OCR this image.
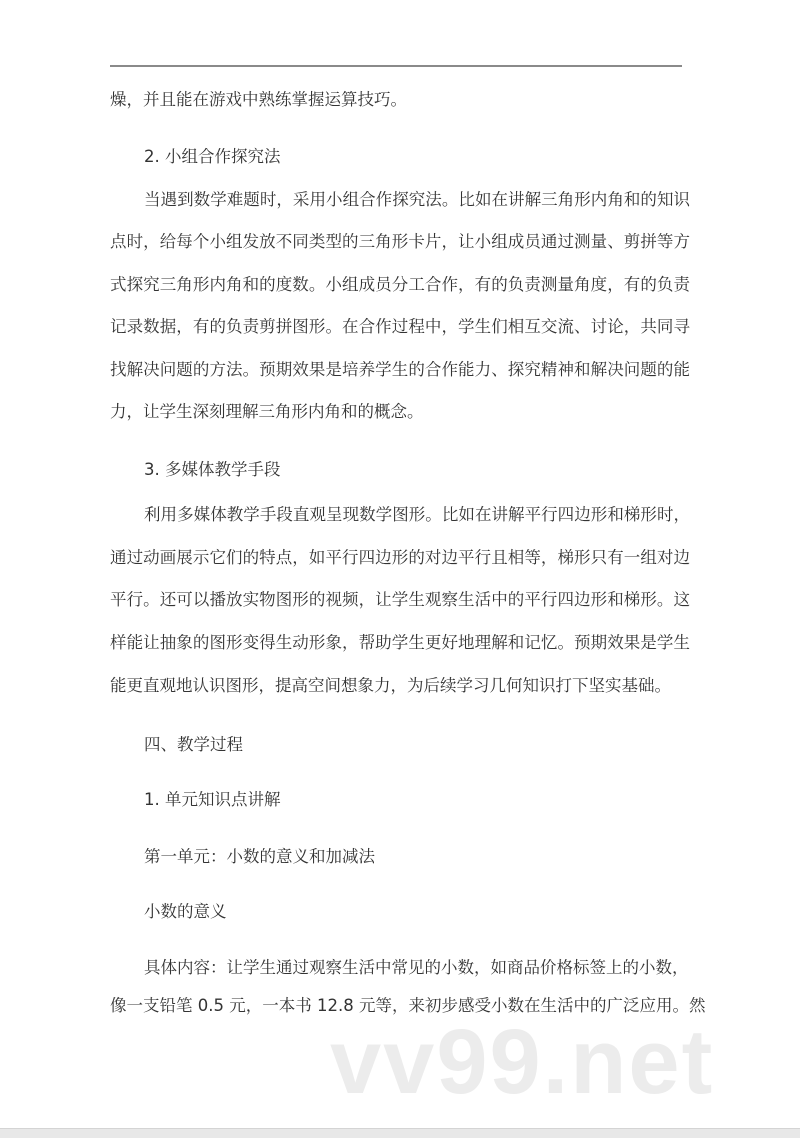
燥，并且能在游戏中熟练掌握运算技巧。
2. 小组合作探究法
当遇到数学难题时，采用小组合作探究法。比如在讲解三角形内角和的知识
点时，给每个小组发放不同类型的三角形卡片，让小组成员通过测量、剪拼等方
式探究三角形内角和的度数。小组成员分工合作，有的负责测量角度，有的负责
记录数据，有的负责剪拼图形。在合作过程中，学生们相互交流、讨论，共同寻
找解决问题的方法。预期效果是培养学生的合作能力、探究精神和解决问题的能
力，让学生深刻理解三角形内角和的概念。
3. 多媒体教学手段
利用多媒体教学手段直观呈现数学图形。比如在讲解平行四边形和梯形时，
通过动画展示它们的特点，如平行四边形的对边平行且相等，梯形只有一组对边
平行。还可以播放实物图形的视频，让学生观察生活中的平行四边形和梯形。这
样能让抽象的图形变得生动形象，帮助学生更好地理解和记忆。预期效果是学生
能更直观地认识图形，提高空间想象力，为后续学习几何知识打下坚实基础。
四、教学过程
1. 单元知识点讲解
第一单元：小数的意义和加减法
小数的意义
vv99.net
具体内容：让学生通过观察生活中常见的小数，如商品价格标签上的小数，
像一支铅笔 0.5 元，一本书 12.8 元等，来初步感受小数在生活中的广泛应用。然
